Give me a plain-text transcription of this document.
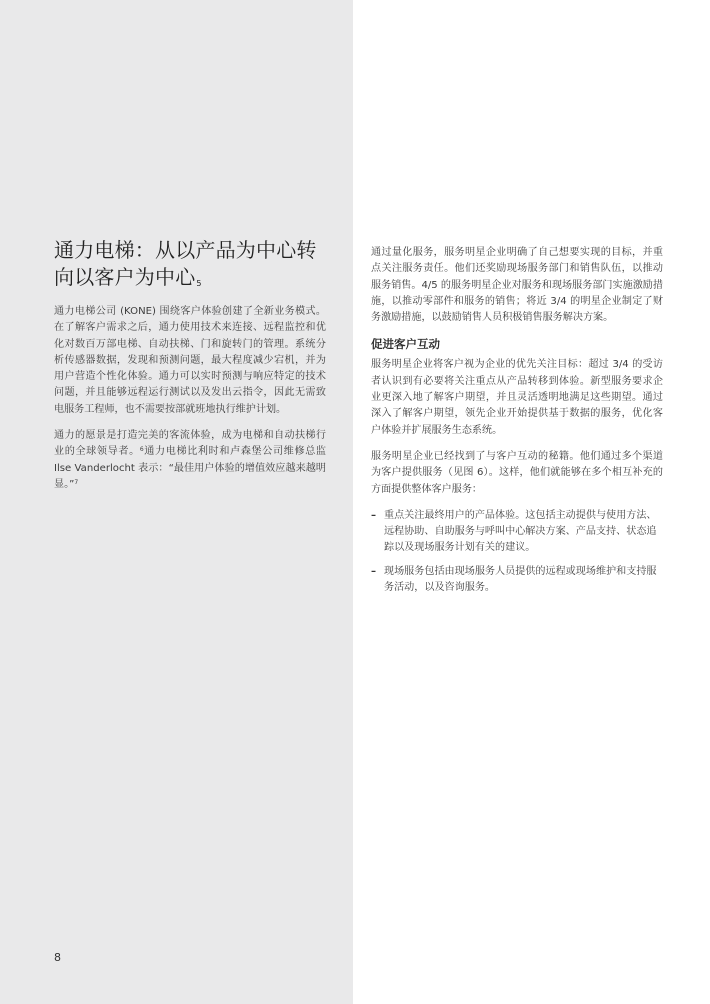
通力电梯：从以产品为中心转向以客户为中心$^5$

通力电梯公司 (KONE) 围绕客户体验创建了全新业务模式。在了解客户需求之后，通力使用技术来连接、远程监控和优化对数百万部电梯、自动扶梯、门和旋转门的管理。系统分析传感器数据，发现和预测问题，最大程度减少宕机，并为用户营造个性化体验。通力可以实时预测与响应特定的技术问题，并且能够远程运行测试以及发出云指令，因此无需致电服务工程师，也不需要按部就班地执行维护计划。

通力的愿景是打造完美的客流体验，成为电梯和自动扶梯行业的全球领导者。$^6$通力电梯比利时和卢森堡公司维修总监 Ilse Vanderlocht 表示：“最佳用户体验的增值效应越来越明显。”$^7$

通过量化服务，服务明星企业明确了自己想要实现的目标，并重点关注服务责任。他们还奖励现场服务部门和销售队伍，以推动服务销售。4/5 的服务明星企业对服务和现场服务部门实施激励措施，以推动零部件和服务的销售；将近 3/4 的明星企业制定了财务激励措施，以鼓励销售人员积极销售服务解决方案。

促进客户互动

服务明星企业将客户视为企业的优先关注目标：超过 3/4 的受访者认识到有必要将关注重点从产品转移到体验。新型服务要求企业更深入地了解客户期望，并且灵活透明地满足这些期望。通过深入了解客户期望，领先企业开始提供基于数据的服务，优化客户体验并扩展服务生态系统。

服务明星企业已经找到了与客户互动的秘籍。他们通过多个渠道为客户提供服务（见图 6）。这样，他们就能够在多个相互补充的方面提供整体客户服务：

– 重点关注最终用户的产品体验。这包括主动提供与使用方法、远程协助、自助服务与呼叫中心解决方案、产品支持、状态追踪以及现场服务计划有关的建议。
– 现场服务包括由现场服务人员提供的远程或现场维护和支持服务活动，以及咨询服务。
8
